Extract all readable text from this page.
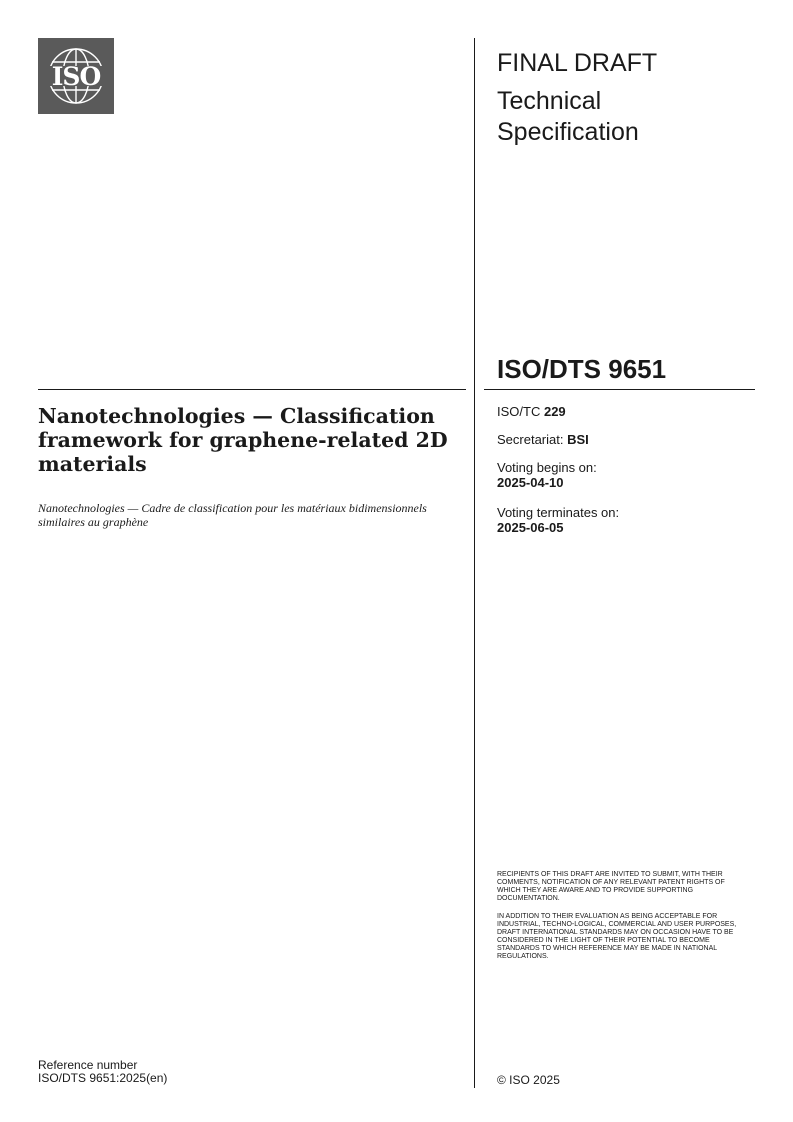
ISO	FINAL DRAFT
Technical
Specification
ISO/DTS 9651
Nanotechnologies — Classification framework for graphene-related 2D materials
Nanotechnologies — Cadre de classification pour les matériaux bidimensionnels similaires au graphène
ISO/TC 229
Secretariat: BSI
Voting begins on:
2025-04-10
Voting terminates on:
2025-06-05
RECIPIENTS OF THIS DRAFT ARE INVITED TO SUBMIT, WITH THEIR COMMENTS, NOTIFICATION OF ANY RELEVANT PATENT RIGHTS OF WHICH THEY ARE AWARE AND TO PROVIDE SUPPORTING DOCUMENTATION.
IN ADDITION TO THEIR EVALUATION AS BEING ACCEPTABLE FOR INDUSTRIAL, TECHNO-LOGICAL, COMMERCIAL AND USER PURPOSES, DRAFT INTERNATIONAL STANDARDS MAY ON OCCASION HAVE TO BE CONSIDERED IN THE LIGHT OF THEIR POTENTIAL TO BECOME STANDARDS TO WHICH REFERENCE MAY BE MADE IN NATIONAL REGULATIONS.
Reference number
ISO/DTS 9651:2025(en)	© ISO 2025
